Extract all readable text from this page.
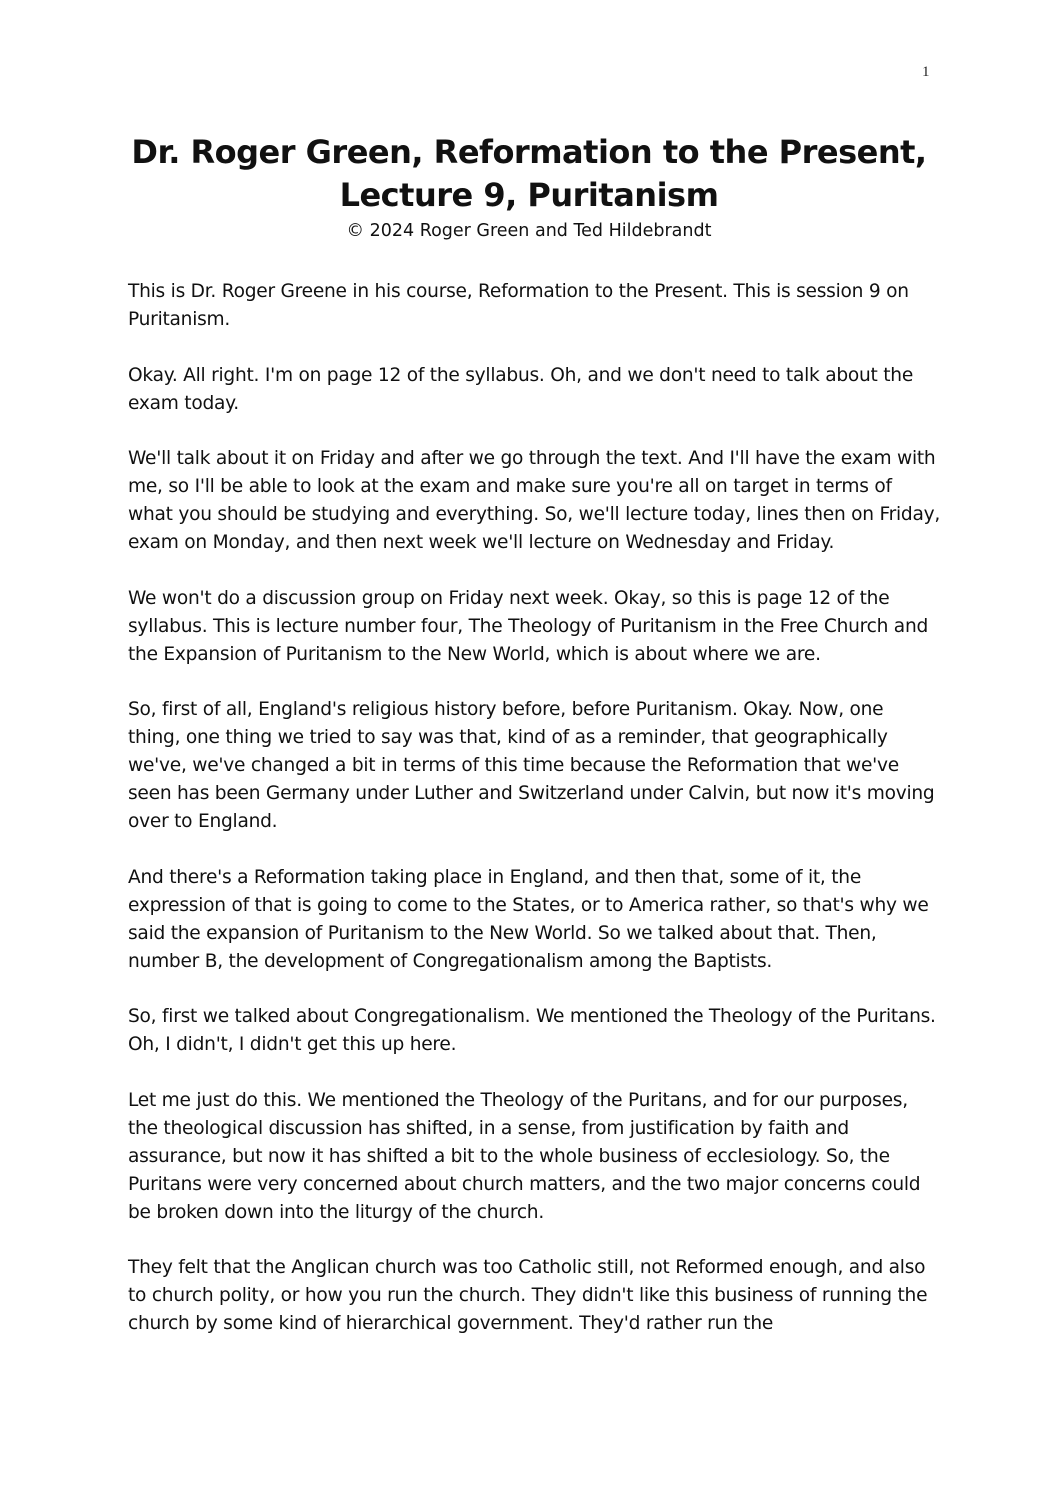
1
Dr. Roger Green, Reformation to the Present,
Lecture 9, Puritanism

© 2024 Roger Green and Ted Hildebrandt

This is Dr. Roger Greene in his course, Reformation to the Present. This is session 9 on Puritanism.

Okay. All right. I'm on page 12 of the syllabus. Oh, and we don't need to talk about the exam today.

We'll talk about it on Friday and after we go through the text. And I'll have the exam with me, so I'll be able to look at the exam and make sure you're all on target in terms of what you should be studying and everything. So, we'll lecture today, lines then on Friday, exam on Monday, and then next week we'll lecture on Wednesday and Friday.

We won't do a discussion group on Friday next week. Okay, so this is page 12 of the syllabus. This is lecture number four, The Theology of Puritanism in the Free Church and the Expansion of Puritanism to the New World, which is about where we are.

So, first of all, England's religious history before, before Puritanism. Okay. Now, one thing, one thing we tried to say was that, kind of as a reminder, that geographically we've, we've changed a bit in terms of this time because the Reformation that we've seen has been Germany under Luther and Switzerland under Calvin, but now it's moving over to England.

And there's a Reformation taking place in England, and then that, some of it, the expression of that is going to come to the States, or to America rather, so that's why we said the expansion of Puritanism to the New World. So we talked about that. Then, number B, the development of Congregationalism among the Baptists.

So, first we talked about Congregationalism. We mentioned the Theology of the Puritans. Oh, I didn't, I didn't get this up here.

Let me just do this. We mentioned the Theology of the Puritans, and for our purposes, the theological discussion has shifted, in a sense, from justification by faith and assurance, but now it has shifted a bit to the whole business of ecclesiology. So, the Puritans were very concerned about church matters, and the two major concerns could be broken down into the liturgy of the church.

They felt that the Anglican church was too Catholic still, not Reformed enough, and also to church polity, or how you run the church. They didn't like this business of running the church by some kind of hierarchical government. They'd rather run the
